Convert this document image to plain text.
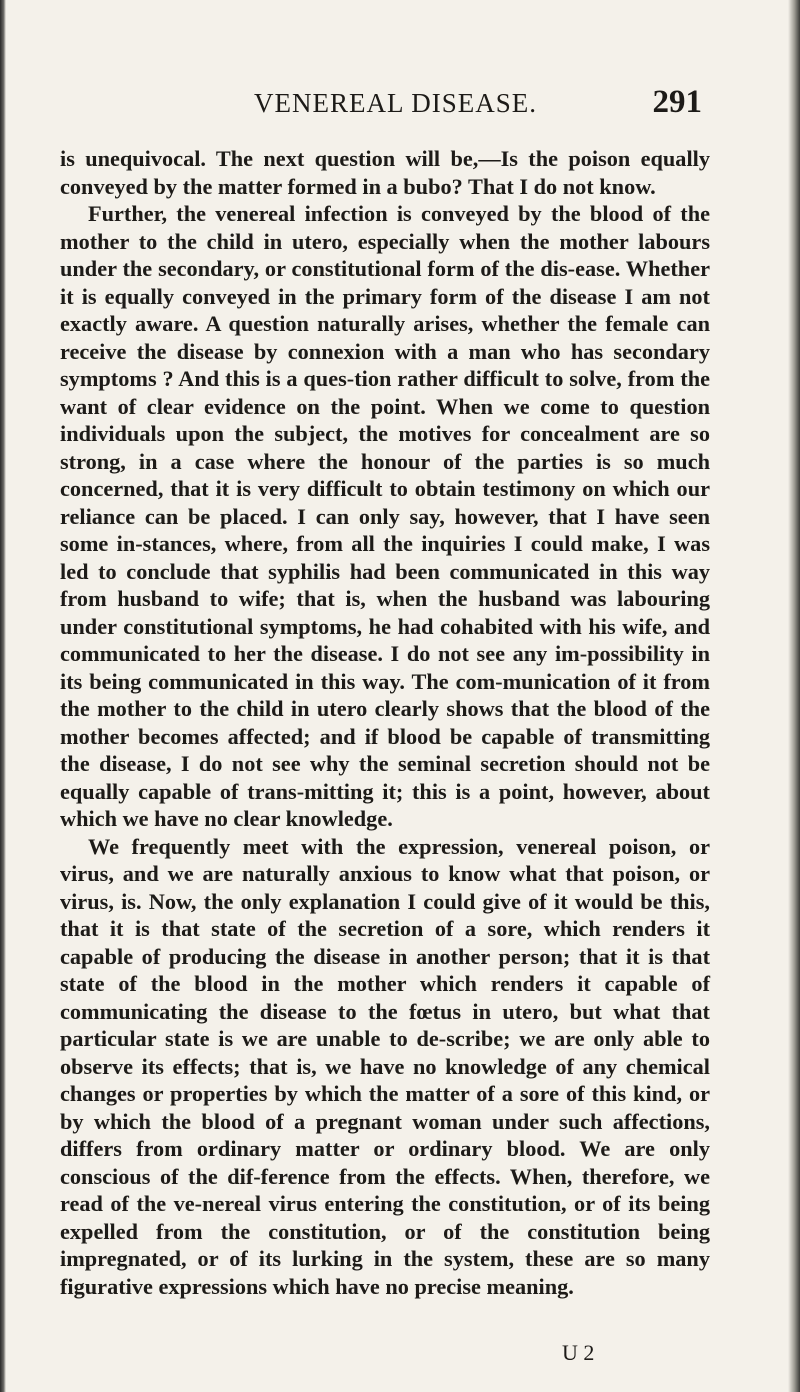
VENEREAL DISEASE.	291

is unequivocal. The next question will be,—Is the poison equally conveyed by the matter formed in a bubo? That I do not know.

Further, the venereal infection is conveyed by the blood of the mother to the child in utero, especially when the mother labours under the secondary, or constitutional form of the dis-ease. Whether it is equally conveyed in the primary form of the disease I am not exactly aware. A question naturally arises, whether the female can receive the disease by connexion with a man who has secondary symptoms ? And this is a ques-tion rather difficult to solve, from the want of clear evidence on the point. When we come to question individuals upon the subject, the motives for concealment are so strong, in a case where the honour of the parties is so much concerned, that it is very difficult to obtain testimony on which our reliance can be placed. I can only say, however, that I have seen some in-stances, where, from all the inquiries I could make, I was led to conclude that syphilis had been communicated in this way from husband to wife; that is, when the husband was labouring under constitutional symptoms, he had cohabited with his wife, and communicated to her the disease. I do not see any im-possibility in its being communicated in this way. The com-munication of it from the mother to the child in utero clearly shows that the blood of the mother becomes affected; and if blood be capable of transmitting the disease, I do not see why the seminal secretion should not be equally capable of trans-mitting it; this is a point, however, about which we have no clear knowledge.

We frequently meet with the expression, venereal poison, or virus, and we are naturally anxious to know what that poison, or virus, is. Now, the only explanation I could give of it would be this, that it is that state of the secretion of a sore, which renders it capable of producing the disease in another person; that it is that state of the blood in the mother which renders it capable of communicating the disease to the fœtus in utero, but what that particular state is we are unable to de-scribe; we are only able to observe its effects; that is, we have no knowledge of any chemical changes or properties by which the matter of a sore of this kind, or by which the blood of a pregnant woman under such affections, differs from ordinary matter or ordinary blood. We are only conscious of the dif-ference from the effects. When, therefore, we read of the ve-nereal virus entering the constitution, or of its being expelled from the constitution, or of the constitution being impregnated, or of its lurking in the system, these are so many figurative expressions which have no precise meaning.

U 2
